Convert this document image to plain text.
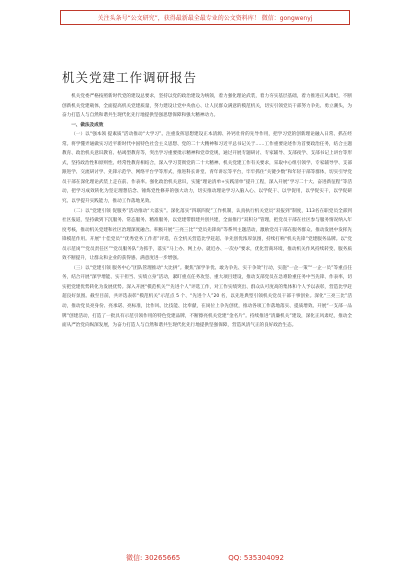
关注头条号“公文研究”，获得最新最全最专业的公文资料库！ 微信：gongwenyj
机关党建工作调研报告

机关党委严格按照新时代党的建设总要求，坚持以党的政治建设为统领，着力强化理论武装，着力夯实基层基础，着力推进正风肃纪，不断创新机关党建载体，全面提高机关党建质量，努力建设让党中央放心、让人民群众满意的模范机关，切实引领党员干部努力争先、勇立潮头，为奋力打造人与自然和谐共生现代化先行地提供坚强思想保障和强大精神动力。

一、做法及成效

（一）以“强本领 提素质”活动推动“大学习”。注重发挥思想建设正本清源、补钙壮骨的先导作用，把学习党的创新理论融入日常、抓在经常。将学懂弄通做实习近平新时代中国特色社会主义思想、党的二十大精神和习近平总书记关于……工作重要论述作为首要政治任务，结合主题教育、政治机关意识教育、枯竭型教育等，突出学习重要批示精神和党章党规，通过开展专题研讨、专家辅导、支部夜学、支部书记上讲台等形式，坚持政治性和原则性、经常性教育相结合，深入学习贯彻党的二十大精神、机关党建工作有关要求，采取中心组引领学、专家辅导学、支部跟进学、交流研讨学、先锋示范学、网络平台学等形式，推进科长讲堂、青年讲坛等平台，牢牢抓住“关键少数”和年轻干部等群体，切实引导党员干部在深化理论武装上走在前、作表率。强化政治机关意识，实施“理论清单+实践清单”提升工程，深入开展“学习二十大、奋进新征程”等活动，把学习成效转化为坚定理想信念、锤炼党性修养的强大动力，切实推动理论学习入脑入心、以学促干、以学促用，以学促实干，以学促研究、以学提升实践能力，推动工作落地见效。

（二）以“党建引领 促服务”活动推动“大落实”。深化落实“四联四促”工作机制，认真执行机关党员“双报到”制度，113名在职党员全部到社区报道，坚持做到下沉服务、常态服务、精准服务，以党建带群建共创共建，全面推行“双积分”管理，把党员干部在社区参与服务情况纳入年度考核，推动机关党建和社区治理深度融合。积极开展“三亮三比”“党员先锋岗”等系列主题活动，激励党员干部在服务群众、推动发展中发挥先锋模范作用。开展“十佳党员”“优秀党务工作者”评选，在全机关营造比学赶超、争先创优浓厚氛围，持续打响“机关先锋”党建服务品牌。以“党员示范岗”“党员责任区”“党员服务队”为抓手，落实“马上办、网上办、就近办、一次办”要求，优化营商环境，推动机关作风持续转变、服务质效不断提升，让群众和企业的获得感、满意度进一步增强。

（三）以“党建引领 服务中心”团队管理推动“大比拼”。聚焦“深学争优、敢为争先、实干争效”行动，实施“一企一策”“一企一员”等重点任务，结合开展“深学增能、实干担当、实绩立身”活动，紧盯重点任务攻坚、重大项目建设，推动支部党员在急难险重任务中当先锋、作表率，切实把党建优势转化为发展优势。深入开展“模范机关”“先进个人”评选工作，对工作实绩突出、群众认可度高的集体和个人予以表彰，营造比学赶超良好氛围。截至目前，共评选表彰“模范机关”示范点 5 个、“先进个人”20 名，以先进典型引领机关党员干部干事创业。深化“三亮三比”活动，推动党员亮身份、亮承诺、亮标准，比作风、比技能、比奉献，在岗位上争先创优，推动各项工作落地落实、提质增效。开展“一支部一品牌”创建活动，打造了一批具有示范引领作用的特色党建品牌，不断擦亮机关党建“金名片”。持续推进“清廉机关”建设，深化正风肃纪，推动全面从严治党向纵深发展，为奋力打造人与自然和谐共生现代化先行地提供坚强保障，营造风清气正的良好政治生态。

微信: 30265665	QQ: 535304092
